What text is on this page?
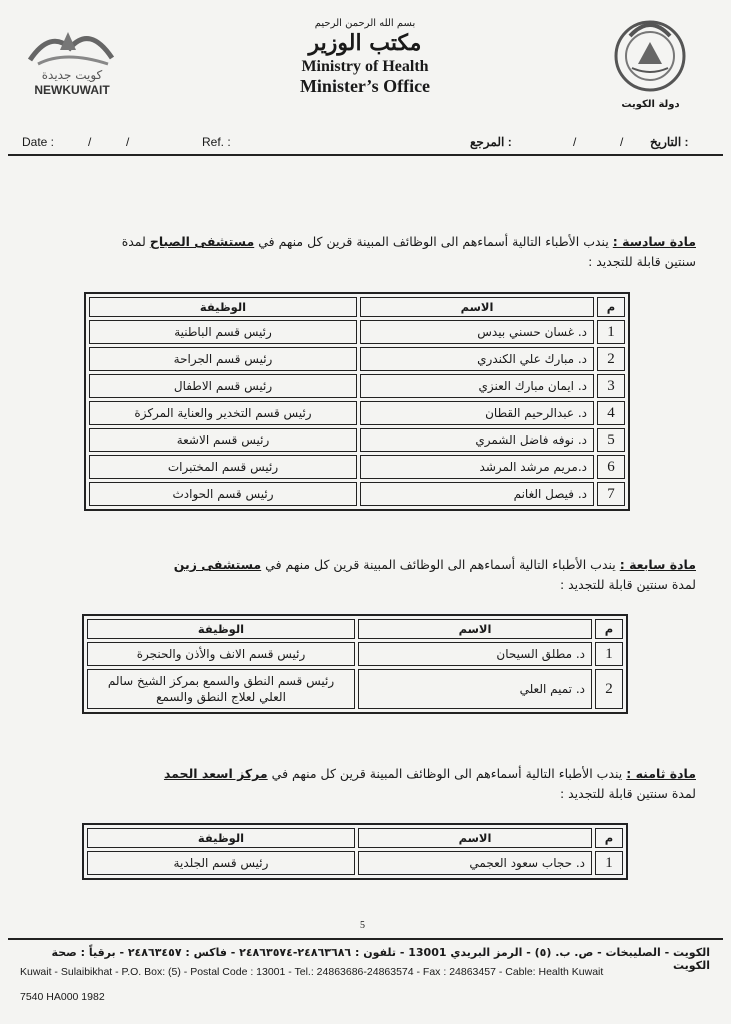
كويت جديدة
NEWKUWAIT
بسم الله الرحمن الرحيم
مكتب الوزير
Ministry of Health
Minister’s Office
دولة الكويت
Date :	/	/	Ref. :	المرجع :	/	/ التاريخ :
مادة سادسة : يندب الأطباء التالية أسماءهم الى الوظائف المبينة قرين كل منهم في مستشفى الصباح لمدة سنتين قابلة للتجديد :
م	الاسم	الوظيفة
1	د. غسان حسني بيدس	رئيس قسم الباطنية
2	د. مبارك علي الكندري	رئيس قسم الجراحة
3	د. ايمان مبارك العنزي	رئيس قسم الاطفال
4	د. عبدالرحيم القطان	رئيس قسم التخدير والعناية المركزة
5	د. نوفه فاضل الشمري	رئيس قسم الاشعة
6	د.مريم مرشد المرشد	رئيس قسم المختبرات
7	د. فيصل الغانم	رئيس قسم الحوادث
مادة سابعة : يندب الأطباء التالية أسماءهم الى الوظائف المبينة قرين كل منهم في مستشفى زين
لمدة سنتين قابلة للتجديد :
م	الاسم	الوظيفة
1	د. مطلق السيحان	رئيس قسم الانف والأذن والحنجرة
2	د. تميم العلي	رئيس قسم النطق والسمع بمركز الشيخ سالم العلي لعلاج النطق والسمع
مادة ثامنه : يندب الأطباء التالية أسماءهم الى الوظائف المبينة قرين كل منهم في مركز اسعد الحمد
لمدة سنتين قابلة للتجديد :
م	الاسم	الوظيفة
1	د. حجاب سعود العجمي	رئيس قسم الجلدية
5
الكويت - الصليبخات - ص. ب. (٥) - الرمز البريدي 13001 - تلفون : ٢٤٨٦٣٦٨٦-٢٤٨٦٣٥٧٤ - فاكس : ٢٤٨٦٣٤٥٧ - برقياً : صحة الكويت
Kuwait - Sulaibikhat - P.O. Box: (5) - Postal Code : 13001 - Tel.: 24863686-24863574 - Fax : 24863457 - Cable: Health Kuwait
7540 HA000 1982
